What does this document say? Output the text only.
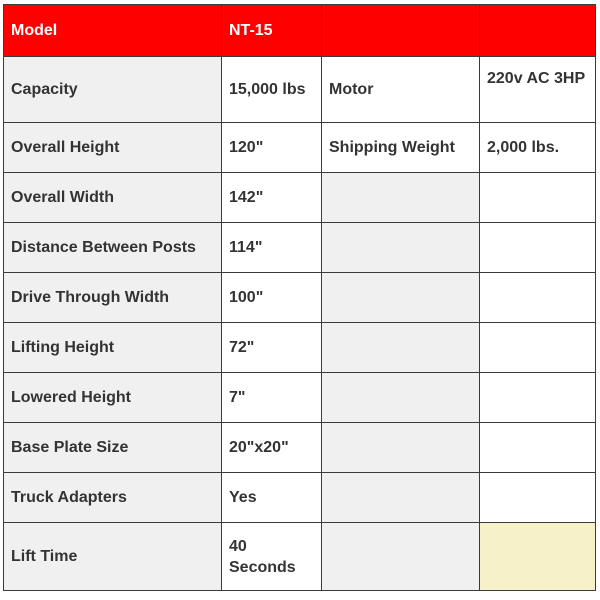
Model	NT-15		
Capacity	15,000 lbs	Motor	220v AC 3HP
Overall Height	120"	Shipping Weight	2,000 lbs.
Overall Width	142"		
Distance Between Posts	114"		
Drive Through Width	100"		
Lifting Height	72"		
Lowered Height	7"		
Base Plate Size	20"x20"		
Truck Adapters	Yes		
Lift Time	40 Seconds		
